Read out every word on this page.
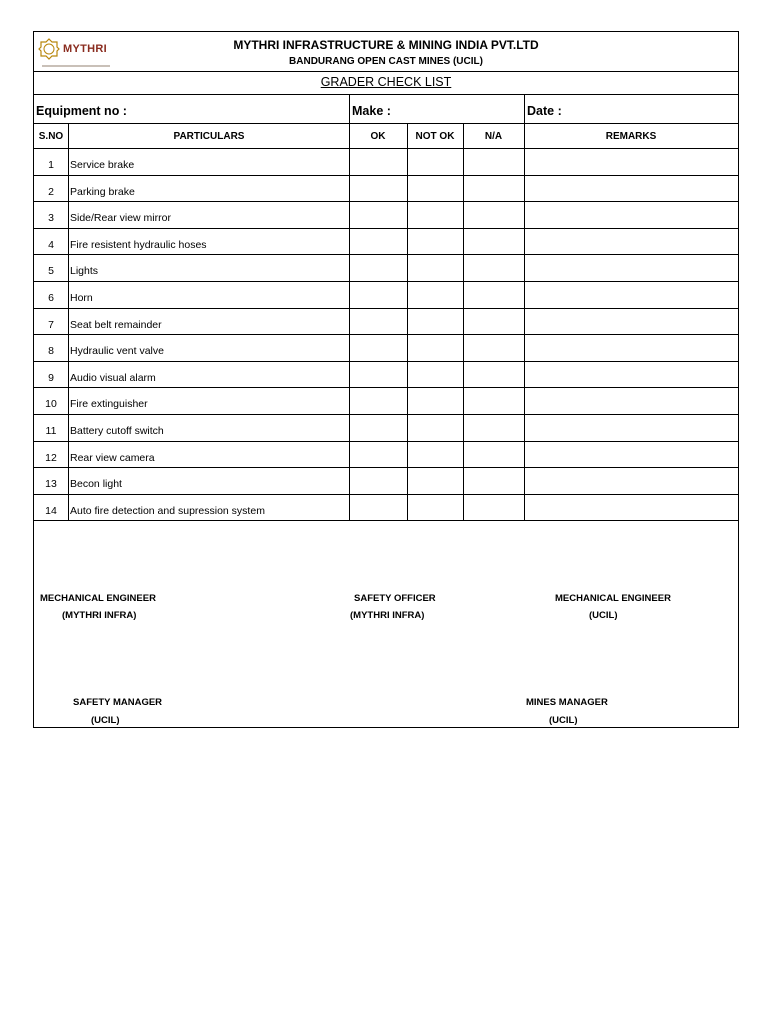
MYTHRI	MYTHRI INFRASTRUCTURE & MINING INDIA PVT.LTD
BANDURANG OPEN CAST MINES (UCIL)
GRADER CHECK LIST
Equipment no :	Make :	Date :
S.NO	PARTICULARS	OK	NOT OK	N/A	REMARKS
1	Service brake
2	Parking brake
3	Side/Rear view mirror
4	Fire resistent hydraulic hoses
5	Lights
6	Horn
7	Seat belt remainder
8	Hydraulic vent valve
9	Audio visual alarm
10	Fire extinguisher
11	Battery cutoff switch
12	Rear view camera
13	Becon light
14	Auto fire detection and supression system
MECHANICAL ENGINEER
(MYTHRI INFRA)
SAFETY OFFICER
(MYTHRI INFRA)
MECHANICAL ENGINEER
(UCIL)
SAFETY MANAGER
(UCIL)
MINES MANAGER
(UCIL)
